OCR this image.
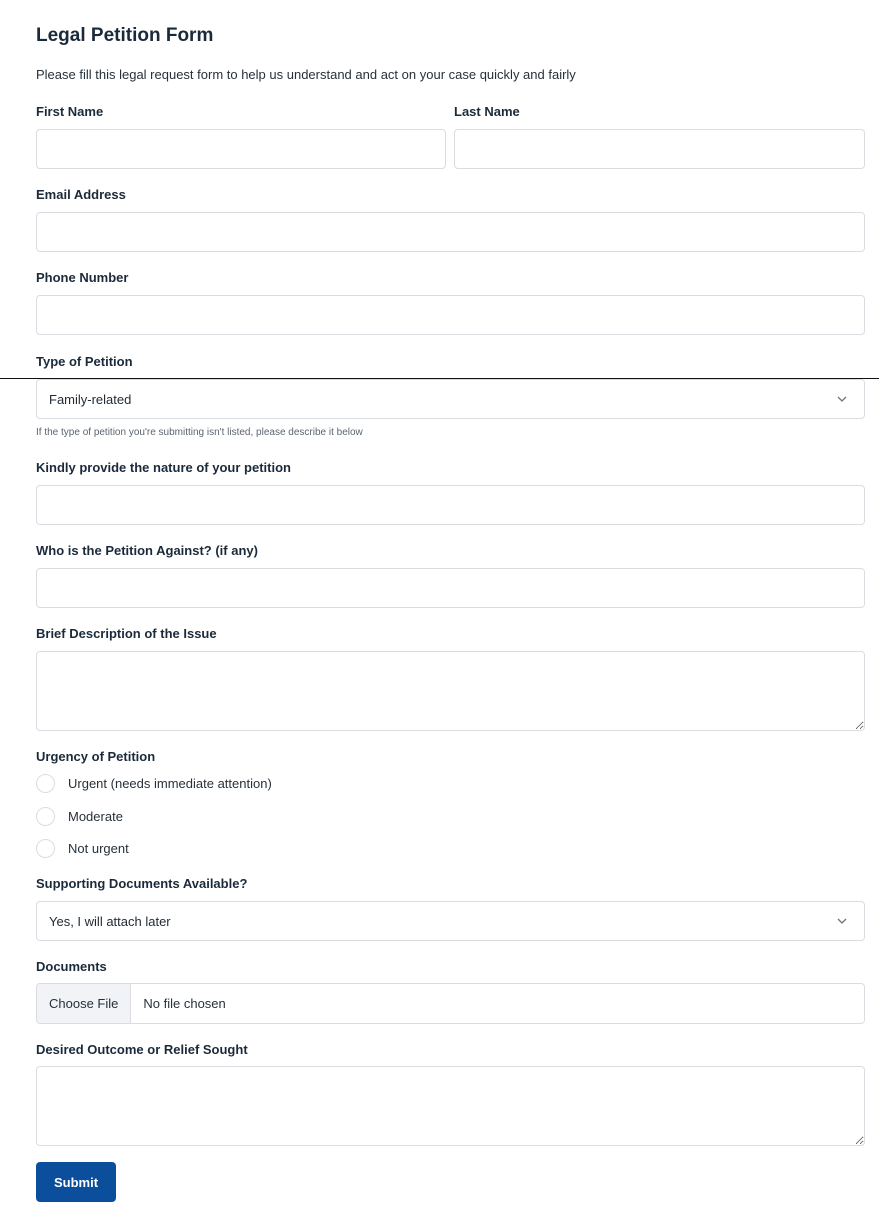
Legal Petition Form
Please fill this legal request form to help us understand and act on your case quickly and fairly
First Name	Last Name
Email Address
Phone Number
Type of Petition
Family-related
If the type of petition you're submitting isn't listed, please describe it below
Kindly provide the nature of your petition
Who is the Petition Against? (if any)
Brief Description of the Issue
Urgency of Petition
Urgent (needs immediate attention)
Moderate
Not urgent
Supporting Documents Available?
Yes, I will attach later
Documents
Choose File	No file chosen
Desired Outcome or Relief Sought
Submit
